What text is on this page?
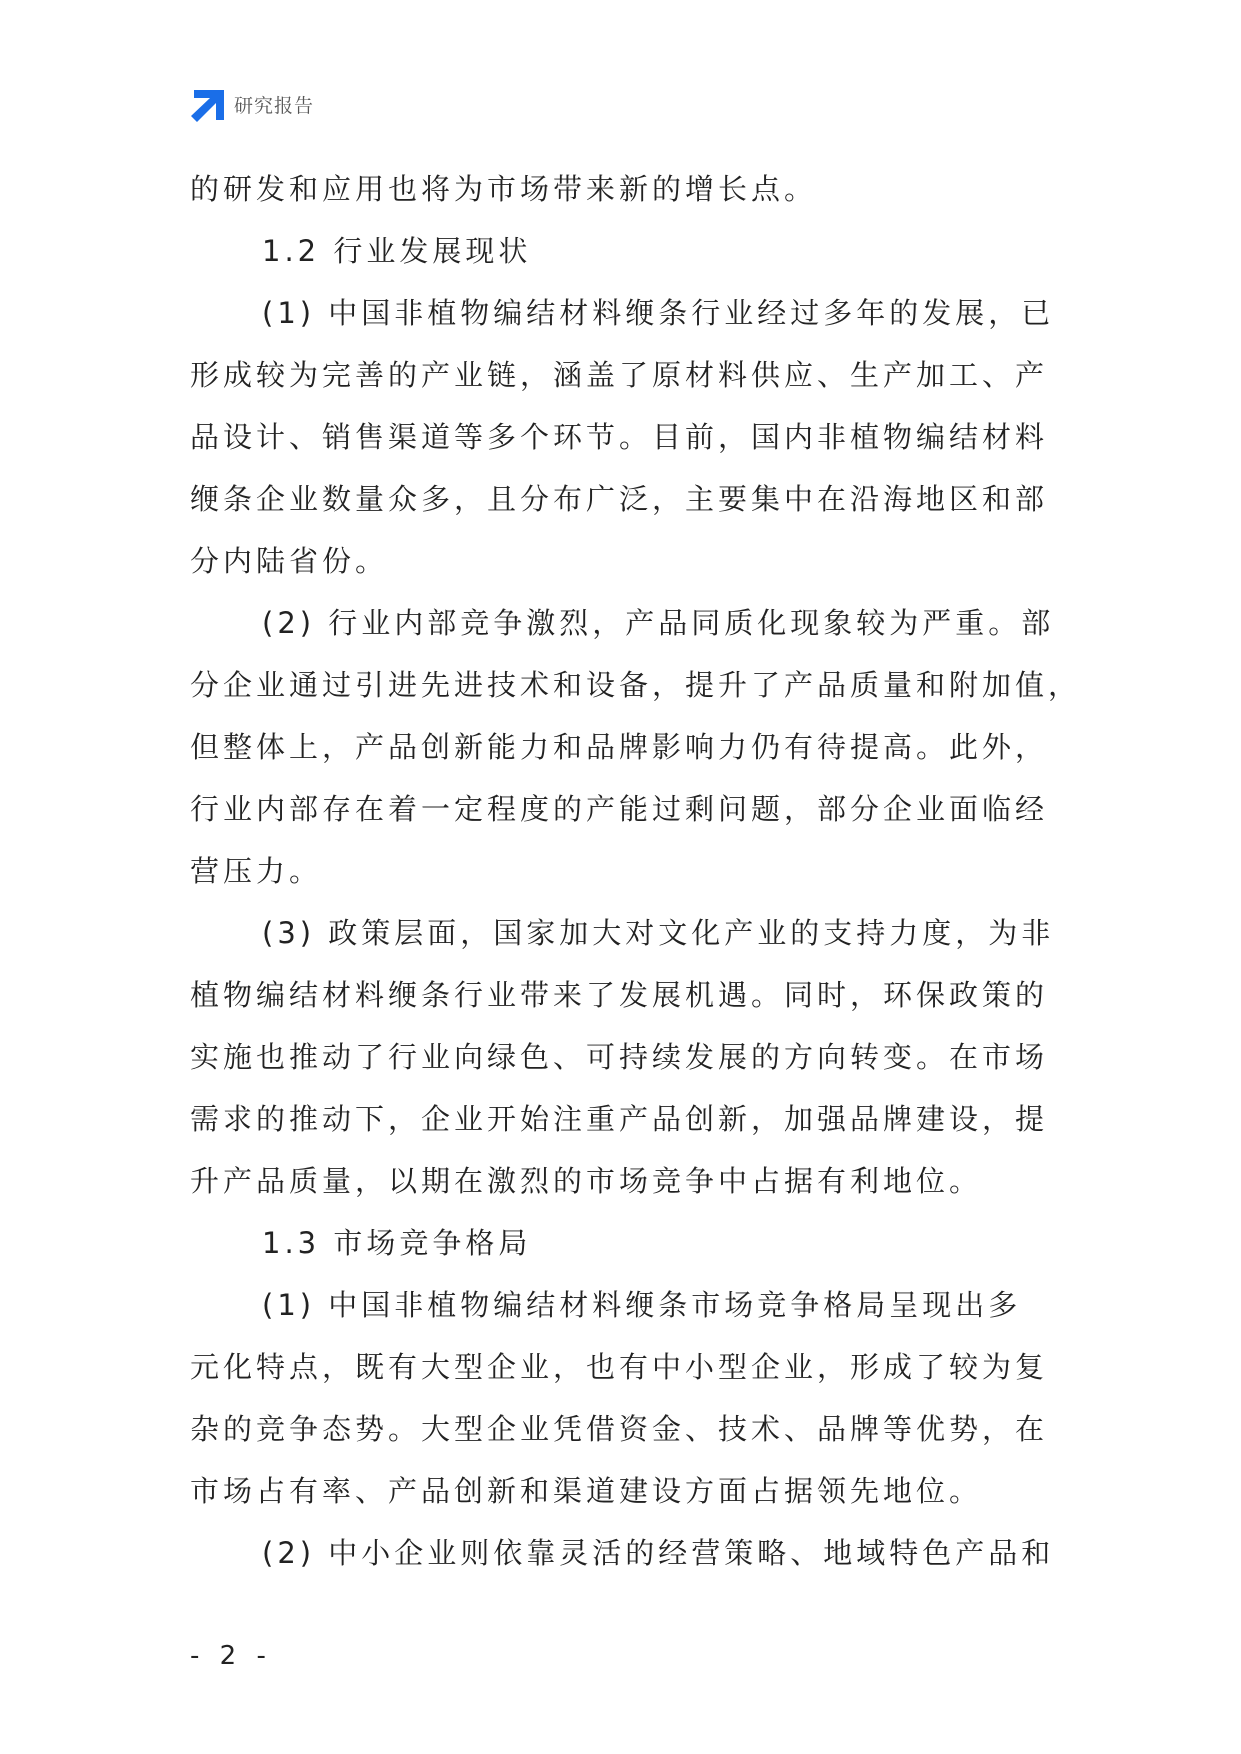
研究报告
的研发和应用也将为市场带来新的增长点。
1.2 行业发展现状
(1) 中国非植物编结材料缏条行业经过多年的发展，已
形成较为完善的产业链，涵盖了原材料供应、生产加工、产
品设计、销售渠道等多个环节。目前，国内非植物编结材料
缏条企业数量众多，且分布广泛，主要集中在沿海地区和部
分内陆省份。
(2) 行业内部竞争激烈，产品同质化现象较为严重。部
分企业通过引进先进技术和设备，提升了产品质量和附加值，
但整体上，产品创新能力和品牌影响力仍有待提高。此外，
行业内部存在着一定程度的产能过剩问题，部分企业面临经
营压力。
(3) 政策层面，国家加大对文化产业的支持力度，为非
植物编结材料缏条行业带来了发展机遇。同时，环保政策的
实施也推动了行业向绿色、可持续发展的方向转变。在市场
需求的推动下，企业开始注重产品创新，加强品牌建设，提
升产品质量，以期在激烈的市场竞争中占据有利地位。
1.3 市场竞争格局
(1) 中国非植物编结材料缏条市场竞争格局呈现出多
元化特点，既有大型企业，也有中小型企业，形成了较为复
杂的竞争态势。大型企业凭借资金、技术、品牌等优势，在
市场占有率、产品创新和渠道建设方面占据领先地位。
(2) 中小企业则依靠灵活的经营策略、地域特色产品和
- 2 -
